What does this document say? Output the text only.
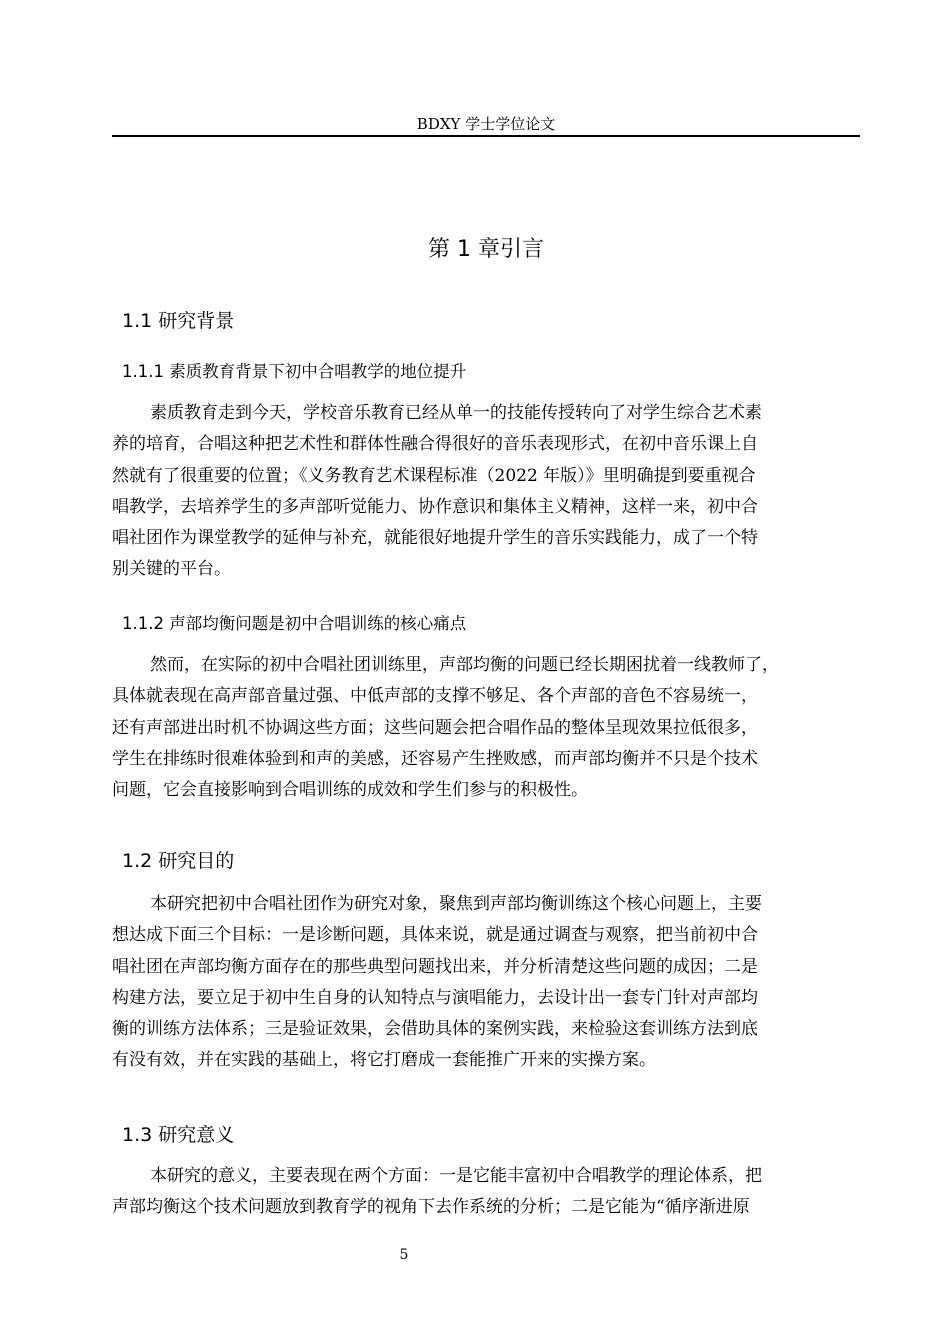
BDXY 学士学位论文
第 1 章引言
1.1 研究背景
1.1.1 素质教育背景下初中合唱教学的地位提升
素质教育走到今天，学校音乐教育已经从单一的技能传授转向了对学生综合艺术素
养的培育，合唱这种把艺术性和群体性融合得很好的音乐表现形式，在初中音乐课上自
然就有了很重要的位置；《义务教育艺术课程标准（2022 年版）》里明确提到要重视合
唱教学，去培养学生的多声部听觉能力、协作意识和集体主义精神，这样一来，初中合
唱社团作为课堂教学的延伸与补充，就能很好地提升学生的音乐实践能力，成了一个特
别关键的平台。
1.1.2 声部均衡问题是初中合唱训练的核心痛点
然而，在实际的初中合唱社团训练里，声部均衡的问题已经长期困扰着一线教师了，
具体就表现在高声部音量过强、中低声部的支撑不够足、各个声部的音色不容易统一，
还有声部进出时机不协调这些方面；这些问题会把合唱作品的整体呈现效果拉低很多，
学生在排练时很难体验到和声的美感，还容易产生挫败感，而声部均衡并不只是个技术
问题，它会直接影响到合唱训练的成效和学生们参与的积极性。
1.2 研究目的
本研究把初中合唱社团作为研究对象，聚焦到声部均衡训练这个核心问题上，主要
想达成下面三个目标：一是诊断问题，具体来说，就是通过调查与观察，把当前初中合
唱社团在声部均衡方面存在的那些典型问题找出来，并分析清楚这些问题的成因；二是
构建方法，要立足于初中生自身的认知特点与演唱能力，去设计出一套专门针对声部均
衡的训练方法体系；三是验证效果，会借助具体的案例实践，来检验这套训练方法到底
有没有效，并在实践的基础上，将它打磨成一套能推广开来的实操方案。
1.3 研究意义
本研究的意义，主要表现在两个方面：一是它能丰富初中合唱教学的理论体系，把
声部均衡这个技术问题放到教育学的视角下去作系统的分析；二是它能为“循序渐进原
5
